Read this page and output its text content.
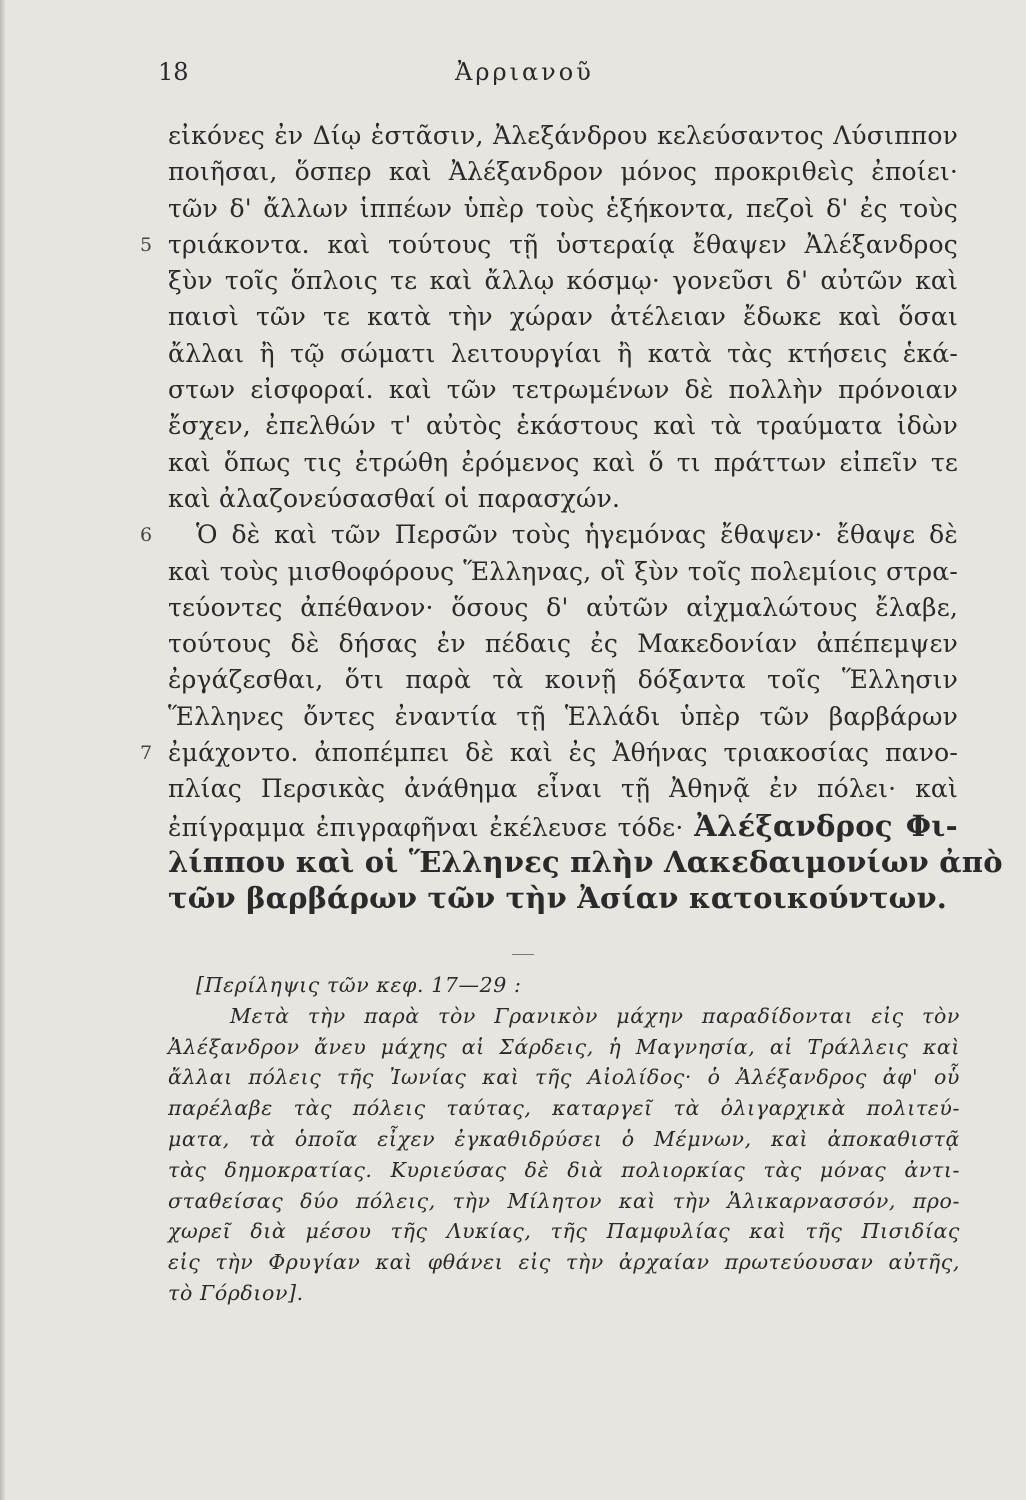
18	Ἀρριανοῦ
εἰκόνες ἐν Δίῳ ἑστᾶσιν, Ἀλεξάνδρου κελεύσαντος Λύσιππον
ποιῆσαι, ὅσπερ καὶ Ἀλέξανδρον μόνος προκριθεὶς ἐποίει·
τῶν δ' ἄλλων ἱππέων ὑπὲρ τοὺς ἑξήκοντα, πεζοὶ δ' ἐς τοὺς
5 τριάκοντα. καὶ τούτους τῇ ὑστεραίᾳ ἔθαψεν Ἀλέξανδρος
ξὺν τοῖς ὅπλοις τε καὶ ἄλλῳ κόσμῳ· γονεῦσι δ' αὐτῶν καὶ
παισὶ τῶν τε κατὰ τὴν χώραν ἀτέλειαν ἔδωκε καὶ ὅσαι
ἄλλαι ἢ τῷ σώματι λειτουργίαι ἢ κατὰ τὰς κτήσεις ἑκά-
στων εἰσφοραί. καὶ τῶν τετρωμένων δὲ πολλὴν πρόνοιαν
ἔσχεν, ἐπελθών τ' αὐτὸς ἑκάστους καὶ τὰ τραύματα ἰδὼν
καὶ ὅπως τις ἐτρώθη ἐρόμενος καὶ ὅ τι πράττων εἰπεῖν τε
καὶ ἀλαζονεύσασθαί οἱ παρασχών.
6 Ὁ δὲ καὶ τῶν Περσῶν τοὺς ἡγεμόνας ἔθαψεν· ἔθαψε δὲ
καὶ τοὺς μισθοφόρους Ἕλληνας, οἳ ξὺν τοῖς πολεμίοις στρα-
τεύοντες ἀπέθανον· ὅσους δ' αὐτῶν αἰχμαλώτους ἔλαβε,
τούτους δὲ δήσας ἐν πέδαις ἐς Μακεδονίαν ἀπέπεμψεν
ἐργάζεσθαι, ὅτι παρὰ τὰ κοινῇ δόξαντα τοῖς Ἕλλησιν
Ἕλληνες ὄντες ἐναντία τῇ Ἑλλάδι ὑπὲρ τῶν βαρβάρων
7 ἐμάχοντο. ἀποπέμπει δὲ καὶ ἐς Ἀθήνας τριακοσίας πανο-
πλίας Περσικὰς ἀνάθημα εἶναι τῇ Ἀθηνᾷ ἐν πόλει· καὶ
ἐπίγραμμα ἐπιγραφῆναι ἐκέλευσε τόδε· Ἀλέξανδρος Φι-
λίππου καὶ οἱ Ἕλληνες πλὴν Λακεδαιμονίων ἀπὸ
τῶν βαρβάρων τῶν τὴν Ἀσίαν κατοικούντων.
[Περίληψις τῶν κεφ. 17—29 :
Μετὰ τὴν παρὰ τὸν Γρανικὸν μάχην παραδίδονται εἰς τὸν
Ἀλέξανδρον ἄνευ μάχης αἱ Σάρδεις, ἡ Μαγνησία, αἱ Τράλλεις καὶ
ἄλλαι πόλεις τῆς Ἰωνίας καὶ τῆς Αἰολίδος· ὁ Ἀλέξανδρος ἀφ' οὗ
παρέλαβε τὰς πόλεις ταύτας, καταργεῖ τὰ ὀλιγαρχικὰ πολιτεύ-
ματα, τὰ ὁποῖα εἶχεν ἐγκαθιδρύσει ὁ Μέμνων, καὶ ἀποκαθιστᾷ
τὰς δημοκρατίας. Κυριεύσας δὲ διὰ πολιορκίας τὰς μόνας ἀντι-
σταθείσας δύο πόλεις, τὴν Μίλητον καὶ τὴν Ἁλικαρνασσόν, προ-
χωρεῖ διὰ μέσου τῆς Λυκίας, τῆς Παμφυλίας καὶ τῆς Πισιδίας
εἰς τὴν Φρυγίαν καὶ φθάνει εἰς τὴν ἀρχαίαν πρωτεύουσαν αὐτῆς,
τὸ Γόρδιον].
